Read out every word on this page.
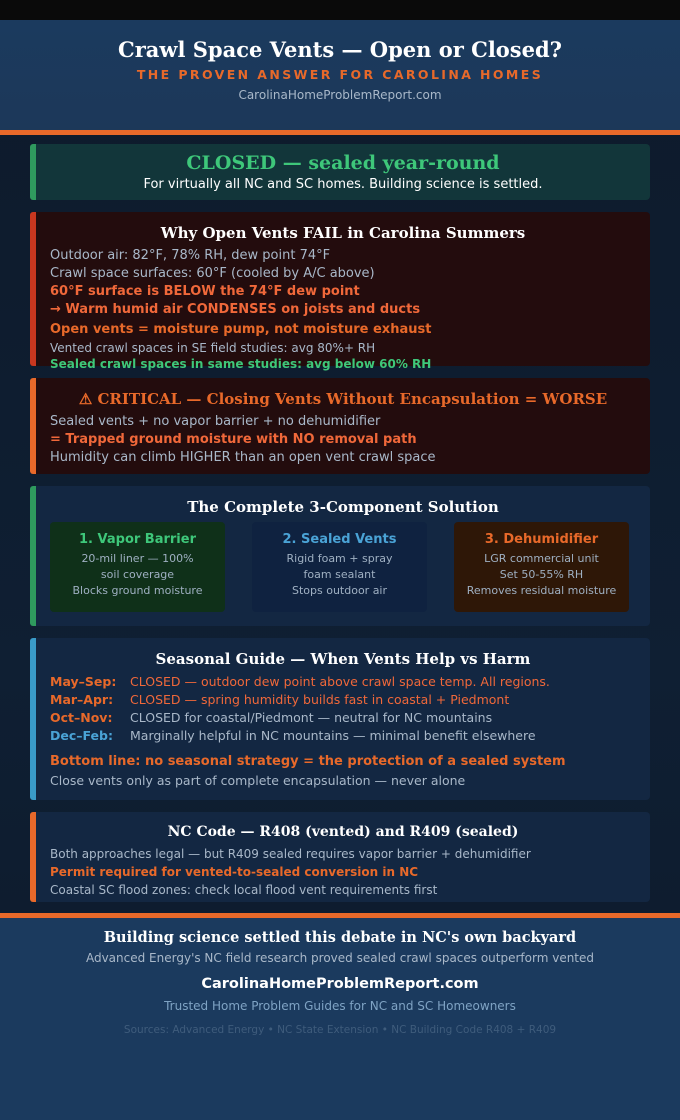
Crawl Space Vents — Open or Closed?
THE PROVEN ANSWER FOR CAROLINA HOMES
CarolinaHomeProblemReport.com
CLOSED — sealed year-round
For virtually all NC and SC homes. Building science is settled.
Why Open Vents FAIL in Carolina Summers
Outdoor air: 82°F, 78% RH, dew point 74°F
Crawl space surfaces: 60°F (cooled by A/C above)
60°F surface is BELOW the 74°F dew point
→ Warm humid air CONDENSES on joists and ducts
Open vents = moisture pump, not moisture exhaust
Vented crawl spaces in SE field studies: avg 80%+ RH
Sealed crawl spaces in same studies: avg below 60% RH
⚠ CRITICAL — Closing Vents Without Encapsulation = WORSE
Sealed vents + no vapor barrier + no dehumidifier
= Trapped ground moisture with NO removal path
Humidity can climb HIGHER than an open vent crawl space
The Complete 3-Component Solution
1. Vapor Barrier
20-mil liner — 100%
soil coverage
Blocks ground moisture
2. Sealed Vents
Rigid foam + spray
foam sealant
Stops outdoor air
3. Dehumidifier
LGR commercial unit
Set 50-55% RH
Removes residual moisture
Seasonal Guide — When Vents Help vs Harm
May–Sep: CLOSED — outdoor dew point above crawl space temp. All regions.
Mar–Apr: CLOSED — spring humidity builds fast in coastal + Piedmont
Oct–Nov: CLOSED for coastal/Piedmont — neutral for NC mountains
Dec–Feb: Marginally helpful in NC mountains — minimal benefit elsewhere
Bottom line: no seasonal strategy = the protection of a sealed system
Close vents only as part of complete encapsulation — never alone
NC Code — R408 (vented) and R409 (sealed)
Both approaches legal — but R409 sealed requires vapor barrier + dehumidifier
Permit required for vented-to-sealed conversion in NC
Coastal SC flood zones: check local flood vent requirements first
Building science settled this debate in NC's own backyard
Advanced Energy's NC field research proved sealed crawl spaces outperform vented
CarolinaHomeProblemReport.com
Trusted Home Problem Guides for NC and SC Homeowners
Sources: Advanced Energy • NC State Extension • NC Building Code R408 + R409
